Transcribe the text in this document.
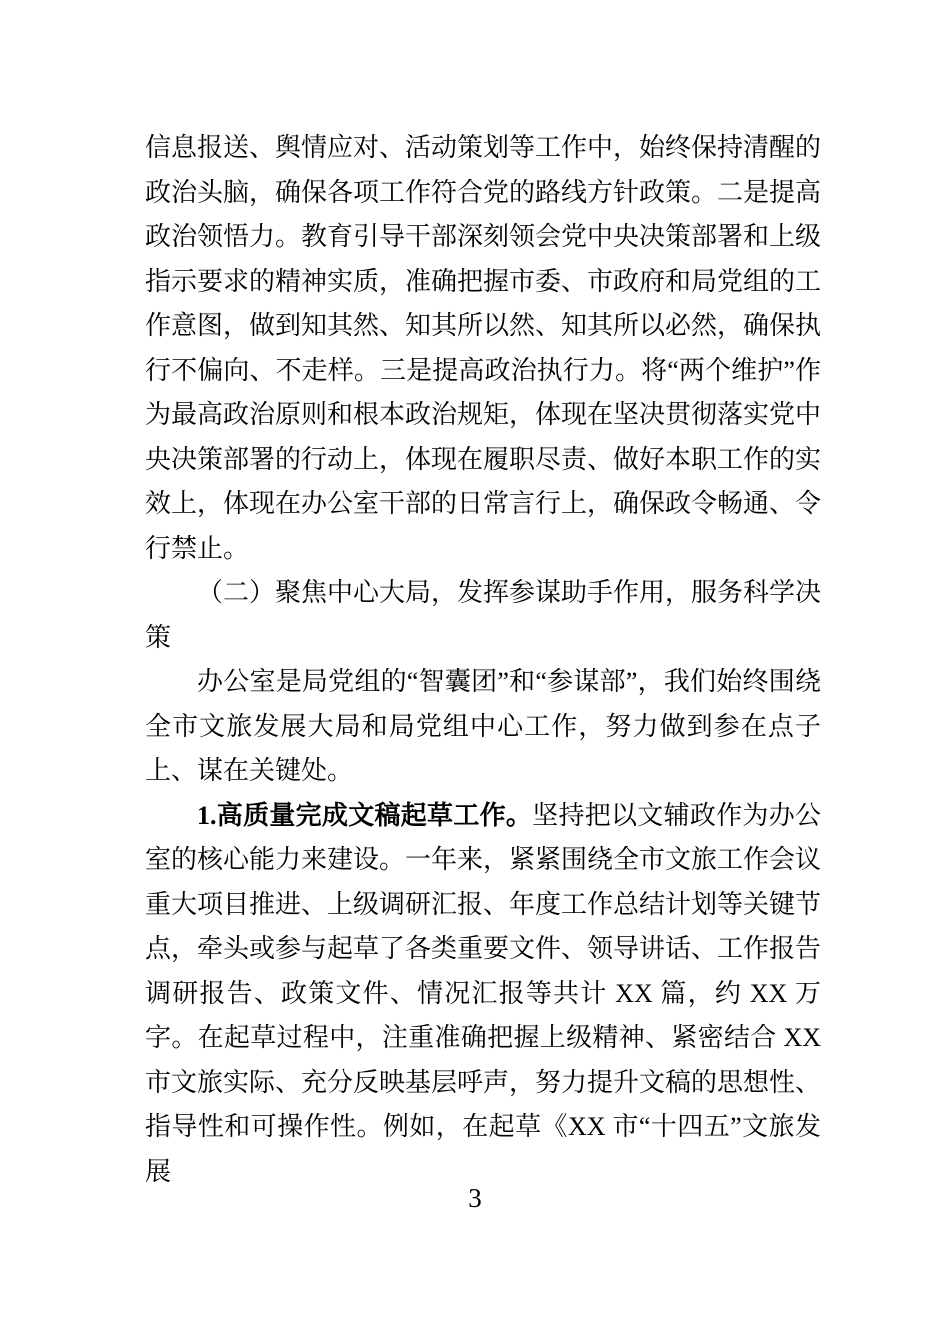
信息报送、舆情应对、活动策划等工作中，始终保持清醒的政治头脑，确保各项工作符合党的路线方针政策。二是提高政治领悟力。教育引导干部深刻领会党中央决策部署和上级指示要求的精神实质，准确把握市委、市政府和局党组的工作意图，做到知其然、知其所以然、知其所以必然，确保执行不偏向、不走样。三是提高政治执行力。将“两个维护”作为最高政治原则和根本政治规矩，体现在坚决贯彻落实党中央决策部署的行动上，体现在履职尽责、做好本职工作的实效上，体现在办公室干部的日常言行上，确保政令畅通、令行禁止。

（二）聚焦中心大局，发挥参谋助手作用，服务科学决策

办公室是局党组的“智囊团”和“参谋部”，我们始终围绕全市文旅发展大局和局党组中心工作，努力做到参在点子上、谋在关键处。

1.高质量完成文稿起草工作。坚持把以文辅政作为办公室的核心能力来建设。一年来，紧紧围绕全市文旅工作会议重大项目推进、上级调研汇报、年度工作总结计划等关键节点，牵头或参与起草了各类重要文件、领导讲话、工作报告调研报告、政策文件、情况汇报等共计 XX 篇，约 XX 万字。在起草过程中，注重准确把握上级精神、紧密结合 XX 市文旅实际、充分反映基层呼声，努力提升文稿的思想性、指导性和可操作性。例如，在起草《XX 市“十四五”文旅发展

3
